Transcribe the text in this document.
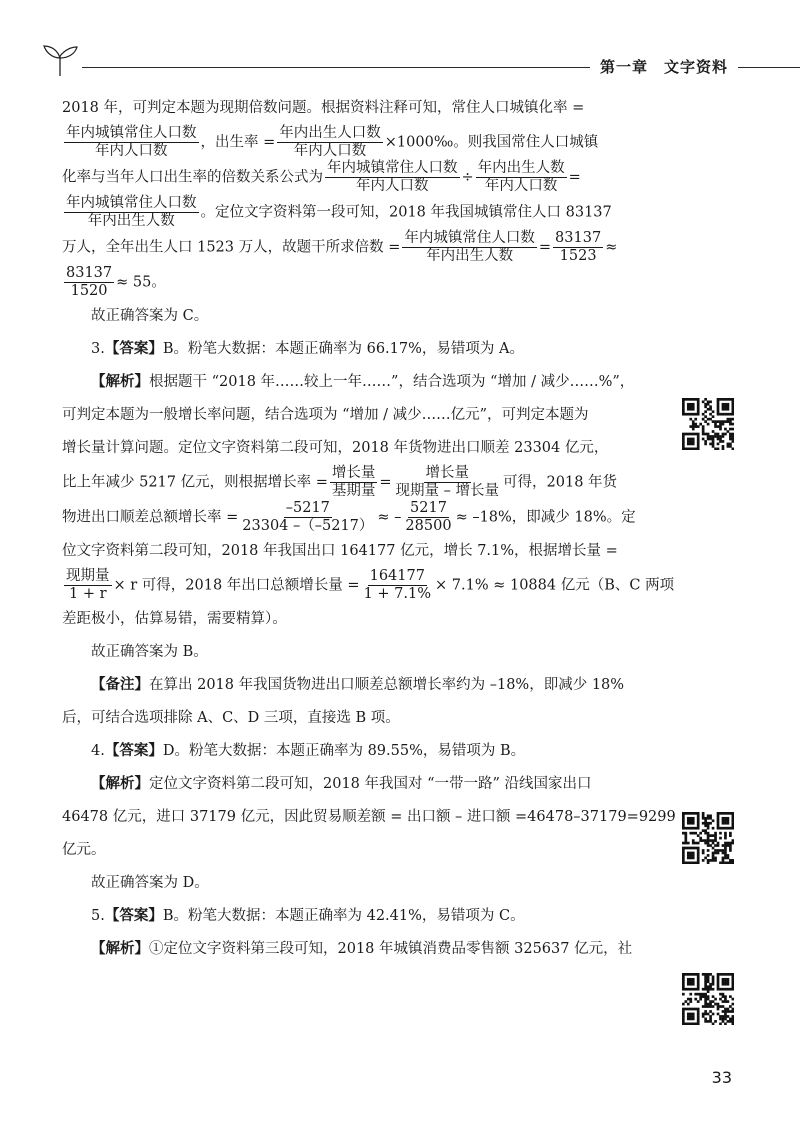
第一章　文字资料
2018 年，可判定本题为现期倍数问题。根据资料注释可知，常住人口城镇化率 =
$\frac{\text{年内城镇常住人口数}}{\text{年内人口数}}$ ，出生率 = $\frac{\text{年内出生人口数}}{\text{年内人口数}}$ ×1000‰。则我国常住人口城镇
化率与当年人口出生率的倍数关系公式为 $\frac{\text{年内城镇常住人口数}}{\text{年内人口数}} \div \frac{\text{年内出生人数}}{\text{年内人口数}}$ =
$\frac{\text{年内城镇常住人口数}}{\text{年内出生人数}}$ 。定位文字资料第一段可知，2018 年我国城镇常住人口 83137
万人，全年出生人口 1523 万人，故题干所求倍数 = $\frac{\text{年内城镇常住人口数}}{\text{年内出生人数}} = \frac{83137}{1523}$ ≈
$\frac{83137}{1520} \approx 55$。
故正确答案为 C。
3.【答案】B。粉笔大数据：本题正确率为 66.17%，易错项为 A。
【解析】根据题干 “2018 年……较上一年……”，结合选项为 “增加 / 减少……%”，
可判定本题为一般增长率问题，结合选项为 “增加 / 减少……亿元”，可判定本题为
增长量计算问题。定位文字资料第二段可知，2018 年货物进出口顺差 23304 亿元，
比上年减少 5217 亿元，则根据增长率 = $\frac{\text{增长量}}{\text{基期量}} = \frac{\text{增长量}}{\text{现期量 – 增长量}}$ 可得，2018 年货
物进出口顺差总额增长率 = $\frac{-5217}{23304 -(-5217)}$ ≈ – $\frac{5217}{28500} \approx -18\%$，即减少 18%。定
位文字资料第二段可知，2018 年我国出口 164177 亿元，增长 7.1%，根据增长量 =
$\frac{\text{现期量}}{1 + r} \times r$ 可得，2018 年出口总额增长量 = $\frac{164177}{1 + 7.1\%} \times 7.1\% \approx 10884$ 亿元（B、C 两项
差距极小，估算易错，需要精算）。
故正确答案为 B。
【备注】在算出 2018 年我国货物进出口顺差总额增长率约为 –18%，即减少 18%
后，可结合选项排除 A、C、D 三项，直接选 B 项。
4.【答案】D。粉笔大数据：本题正确率为 89.55%，易错项为 B。
【解析】定位文字资料第二段可知，2018 年我国对 “一带一路” 沿线国家出口
46478 亿元，进口 37179 亿元，因此贸易顺差额 = 出口额 – 进口额 =46478–37179=9299
亿元。
故正确答案为 D。
5.【答案】B。粉笔大数据：本题正确率为 42.41%，易错项为 C。
【解析】①定位文字资料第三段可知，2018 年城镇消费品零售额 325637 亿元，社
33
